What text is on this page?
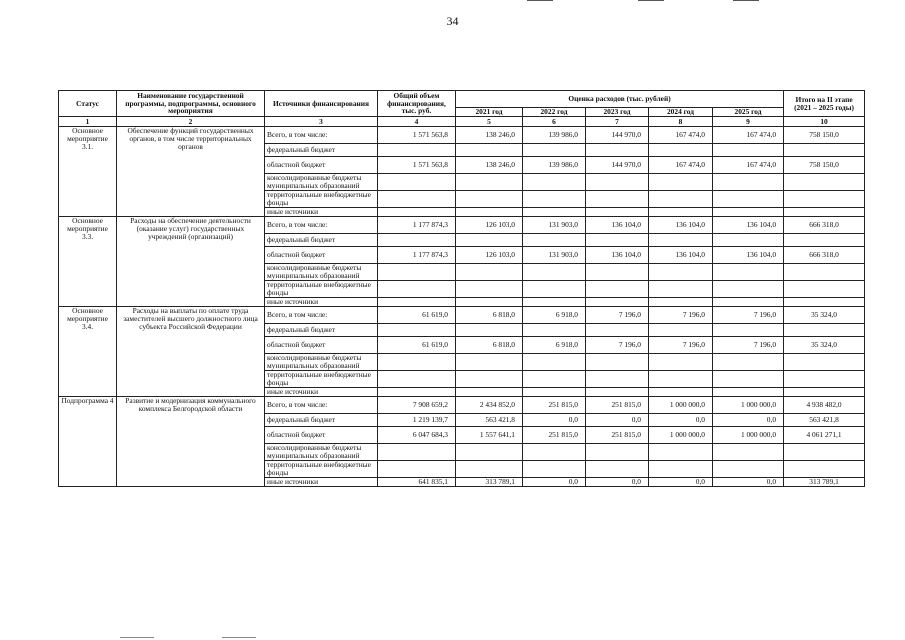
34
Статус	Наименование государственной программы, подпрограммы, основного мероприятия	Источники финансирования	Общий объем финансирования, тыс. руб.	Оценка расходов (тыс. рублей)					Итого на II этапе (2021 – 2025 годы)
				2021 год	2022 год	2023 год	2024 год	2025 год	
1	2	3	4	5	6	7	8	9	10
Основное мероприятие 3.1.	Обеспечение функций государственных органов, в том числе территориальных органов	Всего, в том числе:	1 571 563,8	138 246,0	139 986,0	144 970,0	167 474,0	167 474,0	758 150,0
		федеральный бюджет							
		областной бюджет	1 571 563,8	138 246,0	139 986,0	144 970,0	167 474,0	167 474,0	758 150,0
		консолидированные бюджеты муниципальных образований							
		территориальные внебюджетные фонды							
		иные источники							
Основное мероприятие 3.3.	Расходы на обеспечение деятельности (оказание услуг) государственных учреждений (организаций)	Всего, в том числе:	1 177 874,3	126 103,0	131 903,0	136 104,0	136 104,0	136 104,0	666 318,0
		федеральный бюджет							
		областной бюджет	1 177 874,3	126 103,0	131 903,0	136 104,0	136 104,0	136 104,0	666 318,0
		консолидированные бюджеты муниципальных образований							
		территориальные внебюджетные фонды							
		иные источники							
Основное мероприятие 3.4.	Расходы на выплаты по оплате труда заместителей высшего должностного лица субъекта Российской Федерации	Всего, в том числе:	61 619,0	6 818,0	6 918,0	7 196,0	7 196,0	7 196,0	35 324,0
		федеральный бюджет							
		областной бюджет	61 619,0	6 818,0	6 918,0	7 196,0	7 196,0	7 196,0	35 324,0
		консолидированные бюджеты муниципальных образований							
		территориальные внебюджетные фонды							
		иные источники							
Подпрограмма 4	Развитие и модернизация коммунального комплекса Белгородской области	Всего, в том числе:	7 908 659,2	2 434 852,0	251 815,0	251 815,0	1 000 000,0	1 000 000,0	4 938 482,0
		федеральный бюджет	1 219 139,7	563 421,8	0,0	0,0	0,0	0,0	563 421,8
		областной бюджет	6 047 684,3	1 557 641,1	251 815,0	251 815,0	1 000 000,0	1 000 000,0	4 061 271,1
		консолидированные бюджеты муниципальных образований							
		территориальные внебюджетные фонды							
		иные источники	641 835,1	313 789,1	0,0	0,0	0,0	0,0	313 789,1
